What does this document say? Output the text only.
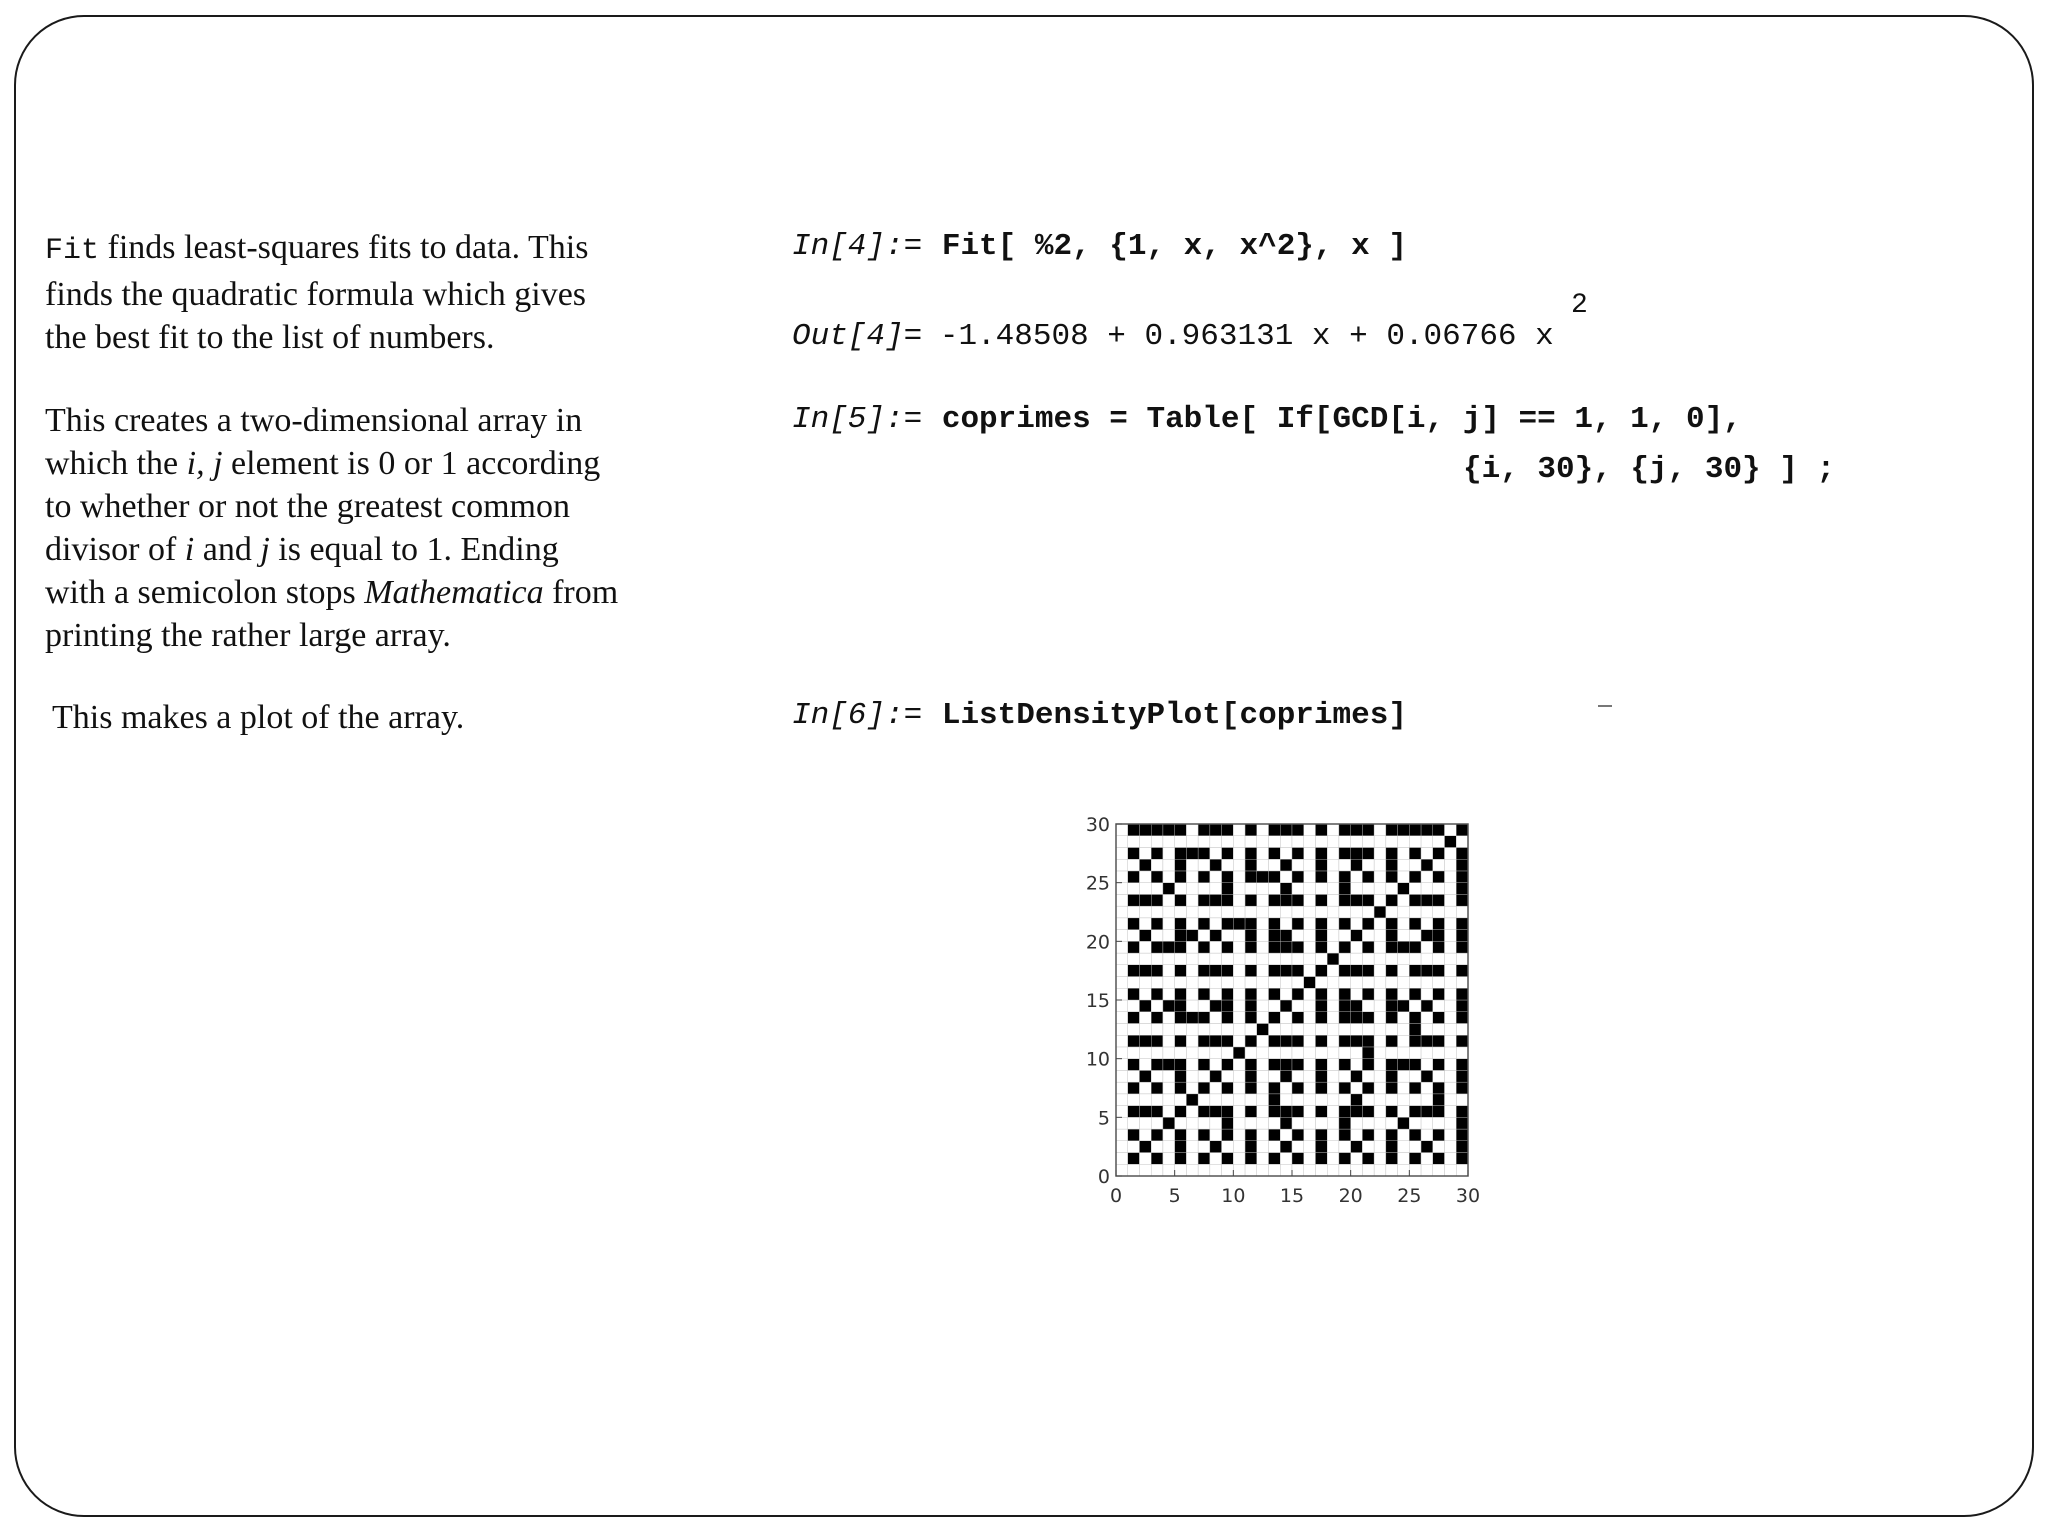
Fit finds least-squares fits to data. This
finds the quadratic formula which gives
the best fit to the list of numbers.

In[4]:= Fit[ %2, {1, x, x^2}, x ]
Out[4]= -1.48508 + 0.963131 x + 0.06766 x
2

This creates a two-dimensional array in
which the i, j element is 0 or 1 according
to whether or not the greatest common
divisor of i and j is equal to 1. Ending
with a semicolon stops Mathematica from
printing the rather large array.

In[5]:= coprimes = Table[ If[GCD[i, j] == 1, 1, 0],
{i, 30}, {j, 30} ] ;

This makes a plot of the array.	In[6]:= ListDensityPlot[coprimes]
0 5 10 15 20 25 30
0
5
10
15
20
25
30
